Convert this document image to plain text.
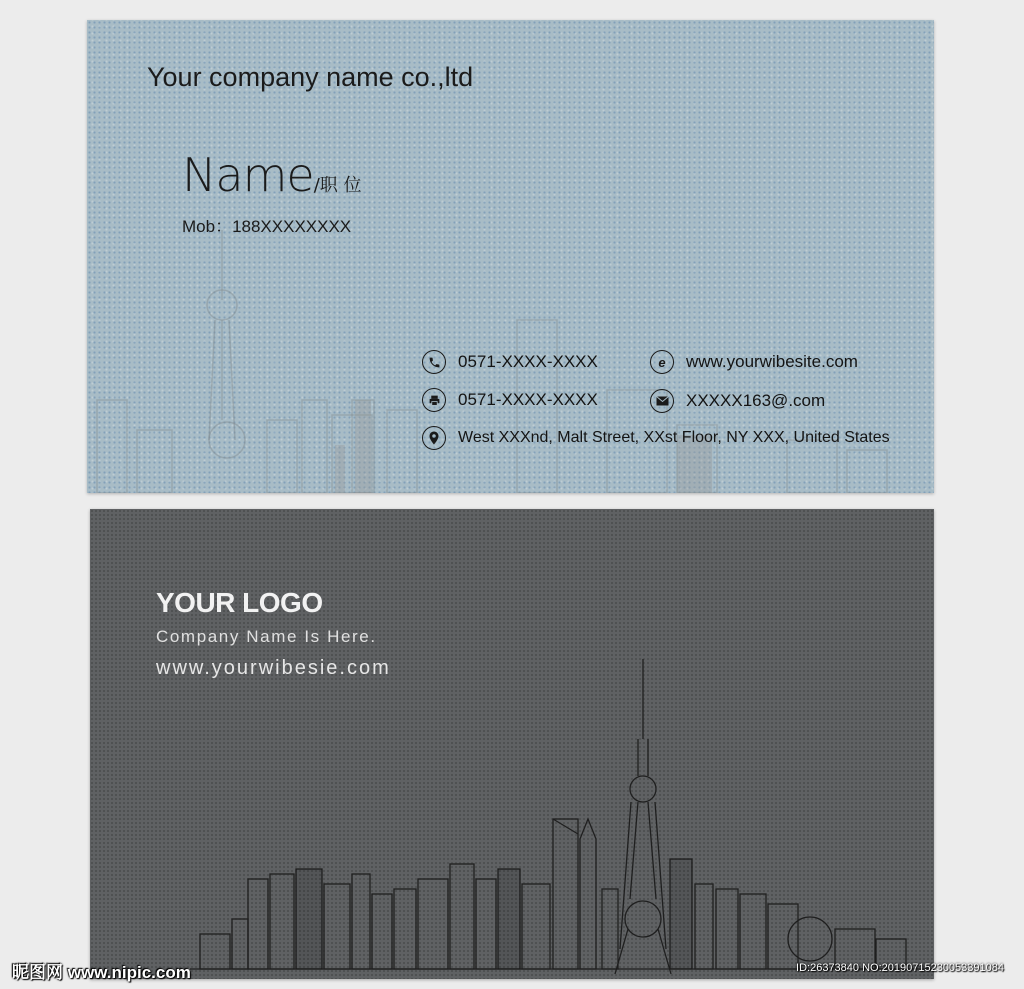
Your company name co.,ltd
Name/职 位
Mob：188XXXXXXXX
0571-XXXX-XXXX
0571-XXXX-XXXX
West XXXnd, Malt Street, XXst Floor, NY XXX, United States
e www.yourwibesite.com
XXXXX163@.com
YOUR LOGO
Company Name Is Here.
www.yourwibesie.com
昵图网 www.nipic.com	ID:26373840 NO:20190715230053391084
